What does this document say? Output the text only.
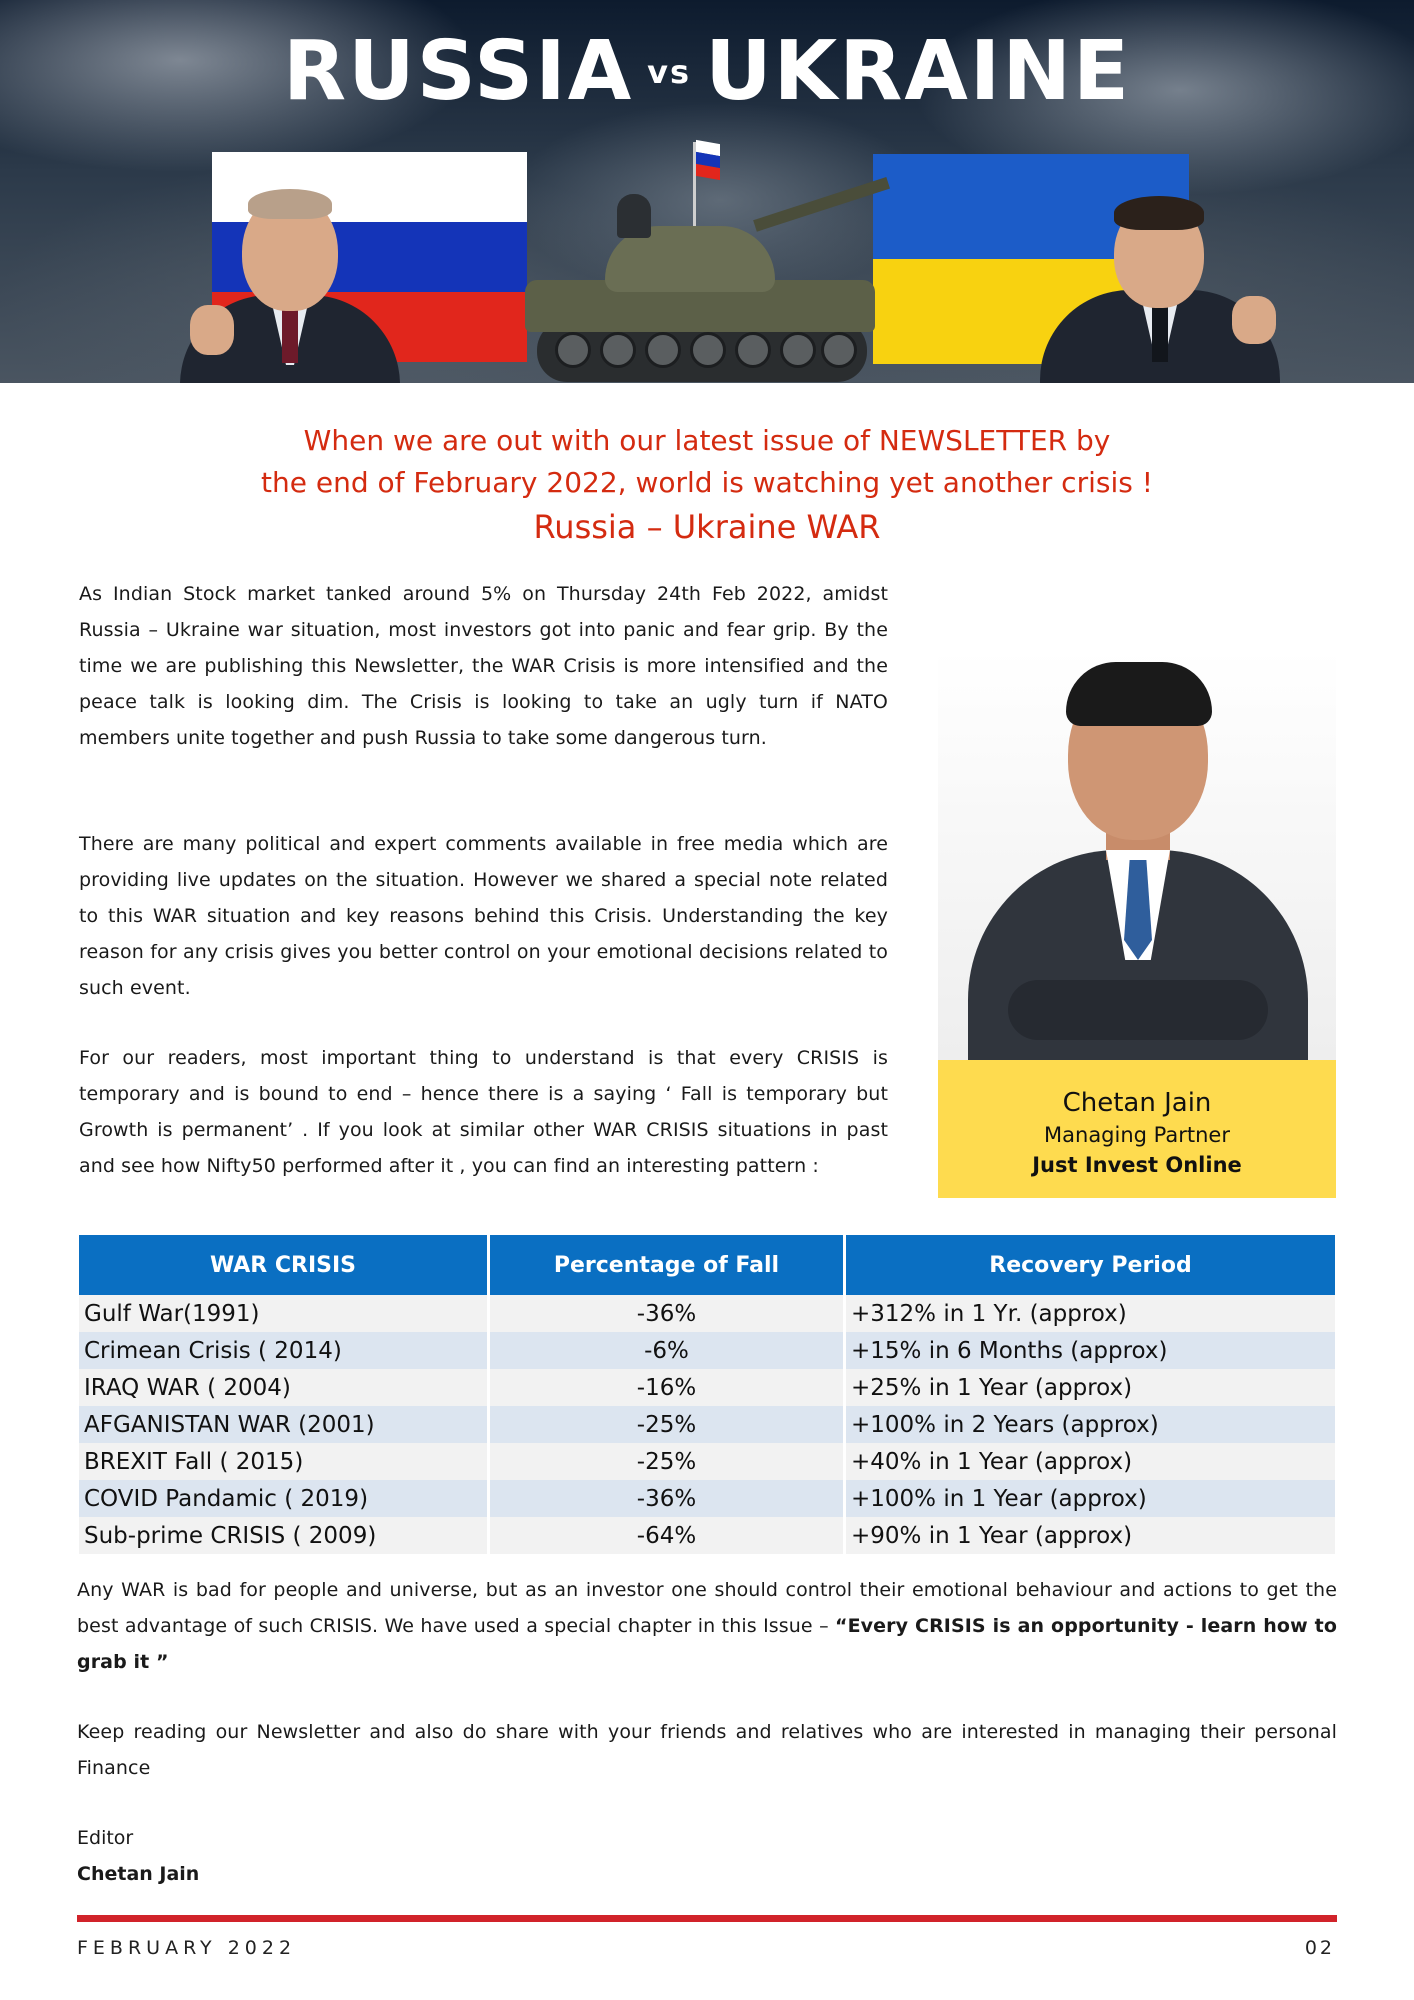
RUSSIA vs UKRAINE
When we are out with our latest issue of NEWSLETTER by
the end of February 2022, world is watching yet another crisis !
Russia – Ukraine WAR

As Indian Stock market tanked around 5% on Thursday 24th Feb 2022, amidst Russia – Ukraine war situation, most investors got into panic and fear grip. By the time we are publishing this Newsletter, the WAR Crisis is more intensified and the peace talk is looking dim. The Crisis is looking to take an ugly turn if NATO members unite together and push Russia to take some dangerous turn.

There are many political and expert comments available in free media which are providing live updates on the situation. However we shared a special note related to this WAR situation and key reasons behind this Crisis. Understanding the key reason for any crisis gives you better control on your emotional decisions related to such event.

For our readers, most important thing to understand is that every CRISIS is temporary and is bound to end – hence there is a saying ‘ Fall is temporary but Growth is permanent’ . If you look at similar other WAR CRISIS situations in past and see how Nifty50 performed after it , you can find an interesting pattern :

Chetan Jain
Managing Partner
Just Invest Online
WAR CRISIS	Percentage of Fall	Recovery Period
Gulf War(1991)	-36%	+312% in 1 Yr. (approx)
Crimean Crisis ( 2014)	-6%	+15% in 6 Months (approx)
IRAQ WAR ( 2004)	-16%	+25% in 1 Year (approx)
AFGANISTAN WAR (2001)	-25%	+100% in 2 Years (approx)
BREXIT Fall ( 2015)	-25%	+40% in 1 Year (approx)
COVID Pandamic ( 2019)	-36%	+100% in 1 Year (approx)
Sub-prime CRISIS ( 2009)	-64%	+90% in 1 Year (approx)

Any WAR is bad for people and universe, but as an investor one should control their emotional behaviour and actions to get the best advantage of such CRISIS. We have used a special chapter in this Issue – “Every CRISIS is an opportunity - learn how to grab it ”

Keep reading our Newsletter and also do share with your friends and relatives who are interested in managing their personal Finance

Editor
Chetan Jain
FEBRUARY 2022	02
